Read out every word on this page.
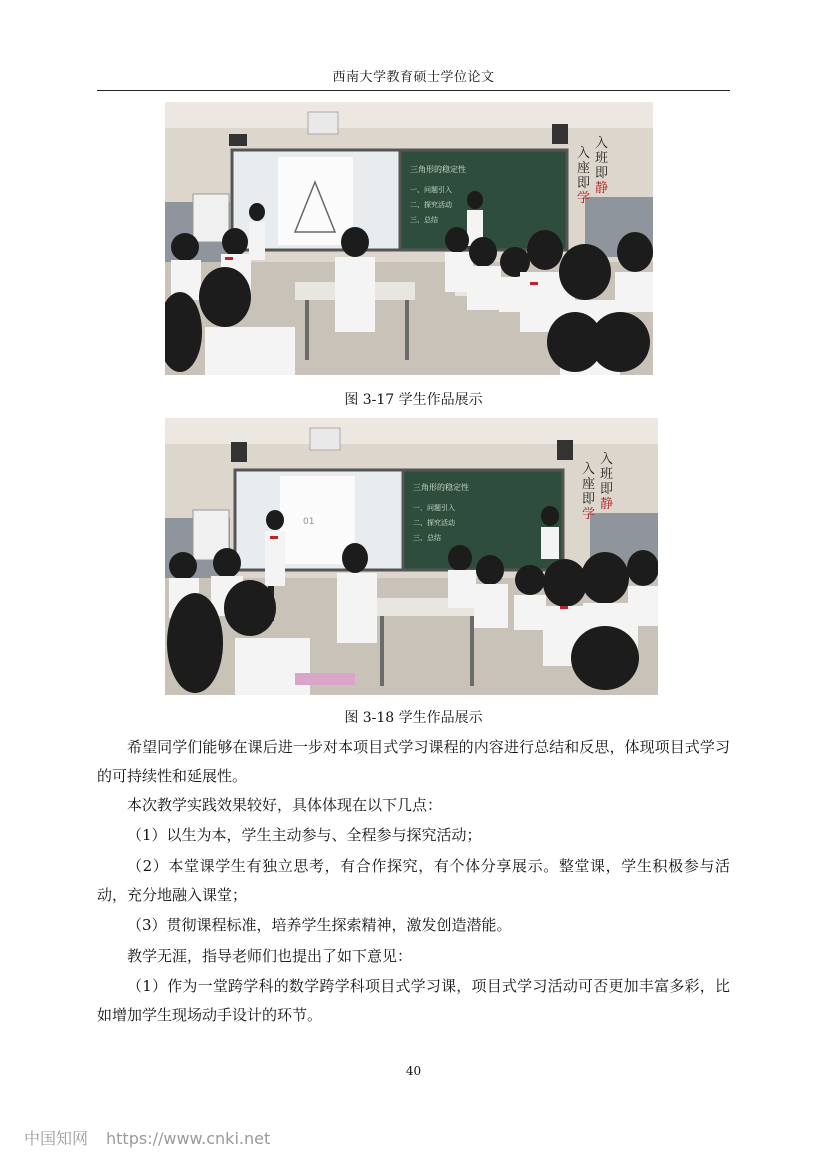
西南大学教育硕士学位论文
三角形的稳定性
一、问题引入
二、探究活动
三、总结
入
班
即
静
入
座
即
学
图 3-17 学生作品展示
01
三角形的稳定性
一、问题引入
二、探究活动
三、总结
入
班
即
静
入
座
即
学
图 3-18 学生作品展示
希望同学们能够在课后进一步对本项目式学习课程的内容进行总结和反思，体现项目式学习的可持续性和延展性。
本次教学实践效果较好，具体体现在以下几点：
（1）以生为本，学生主动参与、全程参与探究活动；
（2）本堂课学生有独立思考，有合作探究，有个体分享展示。整堂课，学生积极参与活动，充分地融入课堂；
（3）贯彻课程标准，培养学生探索精神，激发创造潜能。
教学无涯，指导老师们也提出了如下意见：
（1）作为一堂跨学科的数学跨学科项目式学习课，项目式学习活动可否更加丰富多彩，比如增加学生现场动手设计的环节。
40
中国知网 https://www.cnki.net
